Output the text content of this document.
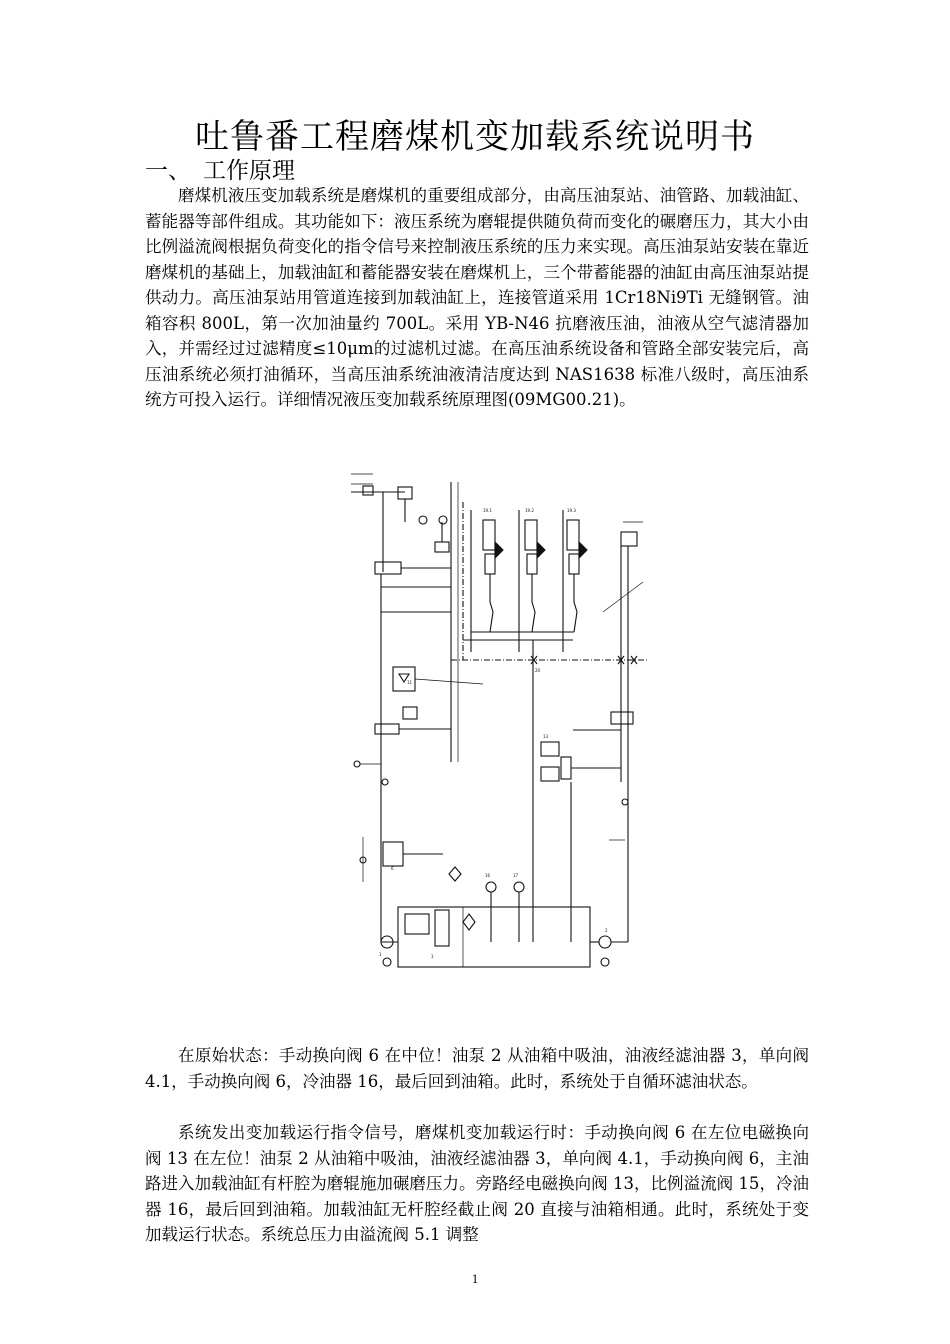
吐鲁番工程磨煤机变加载系统说明书
一、 工作原理

磨煤机液压变加载系统是磨煤机的重要组成部分，由高压油泵站、油管路、加载油缸、蓄能器等部件组成。其功能如下：液压系统为磨辊提供随负荷而变化的碾磨压力，其大小由比例溢流阀根据负荷变化的指令信号来控制液压系统的压力来实现。高压油泵站安装在靠近磨煤机的基础上，加载油缸和蓄能器安装在磨煤机上，三个带蓄能器的油缸由高压油泵站提供动力。高压油泵站用管道连接到加载油缸上，连接管道采用 1Cr18Ni9Ti 无缝钢管。油箱容积 800L，第一次加油量约 700L。采用 YB-N46 抗磨液压油，油液从空气滤清器加入，并需经过过滤精度≤10μm的过滤机过滤。在高压油系统设备和管路全部安装完后，高压油系统必须打油循环，当高压油系统油液清洁度达到 NAS1638 标准八级时，高压油系统方可投入运行。详细情况液压变加载系统原理图(09MG00.21)。

19.1	19.2	19.3
20
11
13
3
1
2
6
16	17

在原始状态：手动换向阀 6 在中位！油泵 2 从油箱中吸油，油液经滤油器 3，单向阀 4.1，手动换向阀 6，冷油器 16，最后回到油箱。此时，系统处于自循环滤油状态。

系统发出变加载运行指令信号，磨煤机变加载运行时：手动换向阀 6 在左位电磁换向阀 13 在左位！油泵 2 从油箱中吸油，油液经滤油器 3，单向阀 4.1，手动换向阀 6，主油路进入加载油缸有杆腔为磨辊施加碾磨压力。旁路经电磁换向阀 13，比例溢流阀 15，冷油器 16，最后回到油箱。加载油缸无杆腔经截止阀 20 直接与油箱相通。此时，系统处于变加载运行状态。系统总压力由溢流阀 5.1 调整

1
